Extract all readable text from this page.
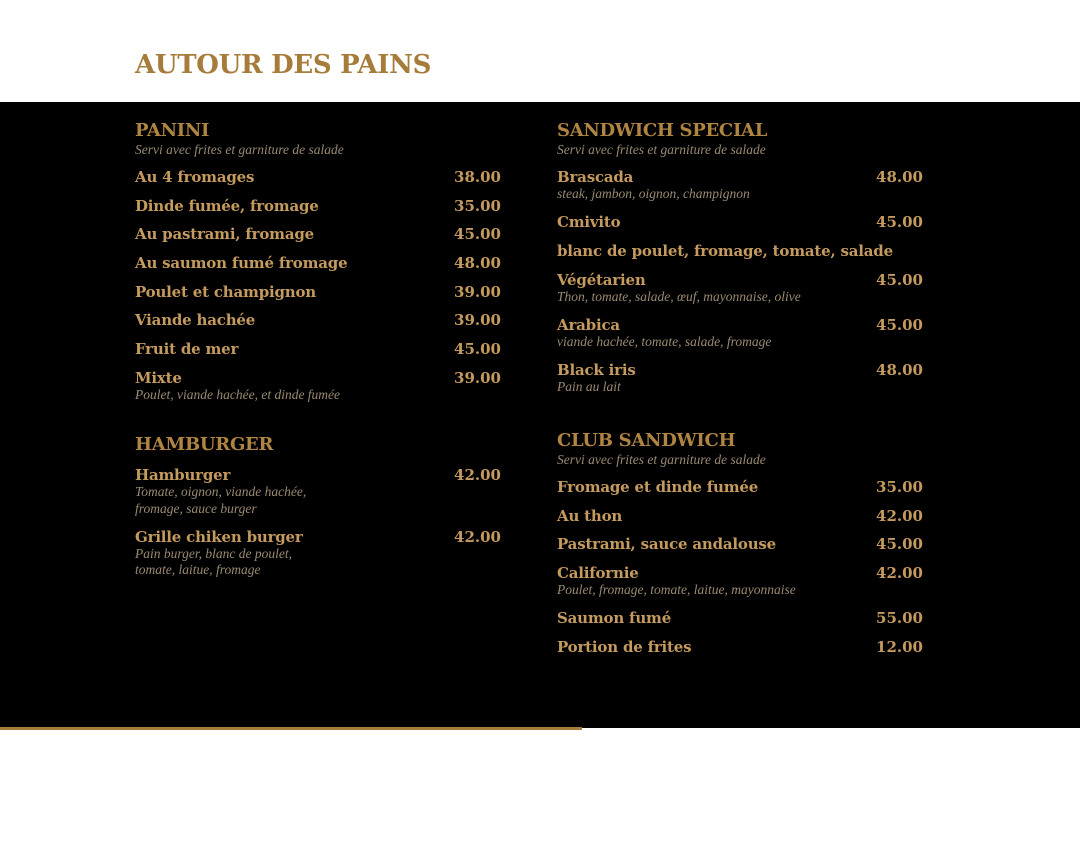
AUTOUR DES PAINS
PANINI
Servi avec frites et garniture de salade
Au 4 fromages	38.00
Dinde fumée, fromage	35.00
Au pastrami, fromage	45.00
Au saumon fumé fromage	48.00
Poulet et champignon	39.00
Viande hachée	39.00
Fruit de mer	45.00
Mixte	39.00
Poulet, viande hachée, et dinde fumée
HAMBURGER
Hamburger	42.00
Tomate, oignon, viande hachée,
fromage, sauce burger
Grille chiken burger	42.00
Pain burger, blanc de poulet,
tomate, laitue, fromage
SANDWICH SPECIAL
Servi avec frites et garniture de salade
Brascada	48.00
steak, jambon, oignon, champignon
Cmivito	45.00
blanc de poulet, fromage, tomate, salade
Végétarien	45.00
Thon, tomate, salade, œuf, mayonnaise, olive
Arabica	45.00
viande hachée, tomate, salade, fromage
Black iris	48.00
Pain au lait
CLUB SANDWICH
Servi avec frites et garniture de salade
Fromage et dinde fumée	35.00
Au thon	42.00
Pastrami, sauce andalouse	45.00
Californie	42.00
Poulet, fromage, tomate, laitue, mayonnaise
Saumon fumé	55.00
Portion de frites	12.00
